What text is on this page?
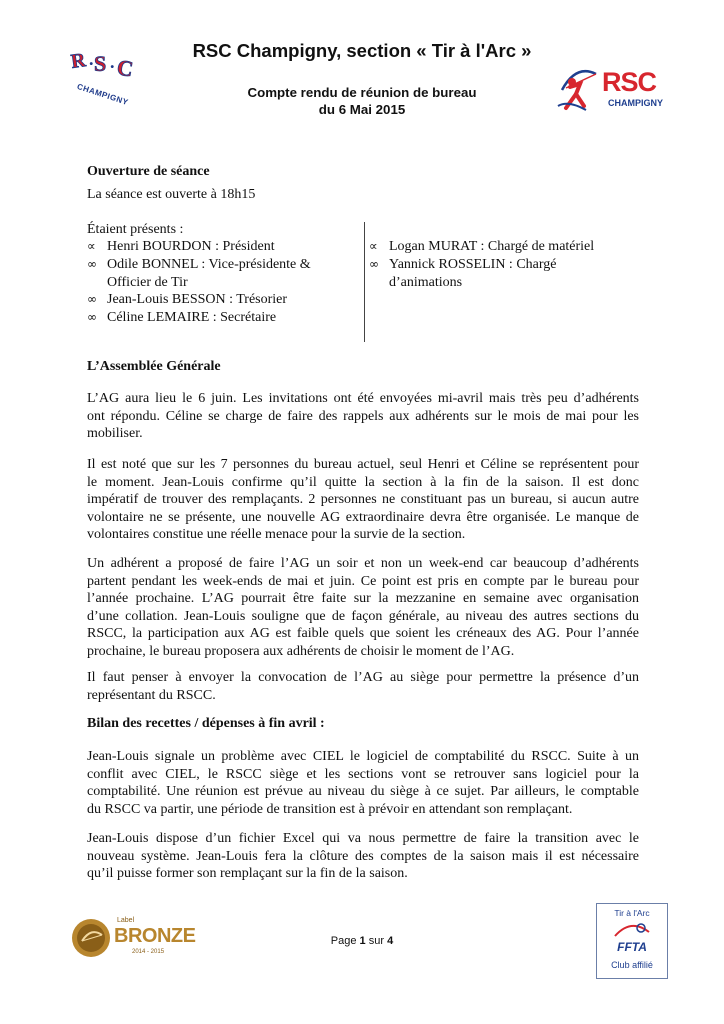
R . S . C
CHAMPIGNY	RSC
CHAMPIGNY
RSC Champigny, section « Tir à l'Arc »
Compte rendu de réunion de bureau
du 6 Mai 2015
Ouverture de séance
La séance est ouverte à 18h15
Étaient présents :
∝ Henri BOURDON : Président
∞ Odile BONNEL : Vice-présidente &
Officier de Tir
∞ Jean-Louis BESSON : Trésorier
∞ Céline LEMAIRE : Secrétaire
∝ Logan MURAT : Chargé de matériel
∞ Yannick ROSSELIN : Chargé
d’animations
L’Assemblée Générale
L’AG aura lieu le 6 juin. Les invitations ont été envoyées mi-avril mais très peu d’adhérents
ont répondu. Céline se charge de faire des rappels aux adhérents sur le mois de mai pour les
mobiliser.
Il est noté que sur les 7 personnes du bureau actuel, seul Henri et Céline se représentent pour
le moment. Jean-Louis confirme qu’il quitte la section à la fin de la saison. Il est donc
impératif de trouver des remplaçants. 2 personnes ne constituant pas un bureau, si aucun autre
volontaire ne se présente, une nouvelle AG extraordinaire devra être organisée. Le manque de
volontaires constitue une réelle menace pour la survie de la section.
Un adhérent a proposé de faire l’AG un soir et non un week-end car beaucoup d’adhérents
partent pendant les week-ends de mai et juin. Ce point est pris en compte par le bureau pour
l’année prochaine. L’AG pourrait être faite sur la mezzanine en semaine avec organisation
d’une collation. Jean-Louis souligne que de façon générale, au niveau des autres sections du
RSCC, la participation aux AG est faible quels que soient les créneaux des AG. Pour l’année
prochaine, le bureau proposera aux adhérents de choisir le moment de l’AG.
Il faut penser à envoyer la convocation de l’AG au siège pour permettre la présence d’un
représentant du RSCC.
Bilan des recettes / dépenses à fin avril :
Jean-Louis signale un problème avec CIEL le logiciel de comptabilité du RSCC. Suite à un
conflit avec CIEL, le RSCC siège et les sections vont se retrouver sans logiciel pour la
comptabilité. Une réunion est prévue au niveau du siège à ce sujet. Par ailleurs, le comptable
du RSCC va partir, une période de transition est à prévoir en attendant son remplaçant.
Jean-Louis dispose d’un fichier Excel qui va nous permettre de faire la transition avec le
nouveau système. Jean-Louis fera la clôture des comptes de la saison mais il est nécessaire
qu’il puisse former son remplaçant sur la fin de la saison.
Label
BRONZE
2014 - 2015
Page 1 sur 4
Tir à l'Arc
FFTA
Club affilié
